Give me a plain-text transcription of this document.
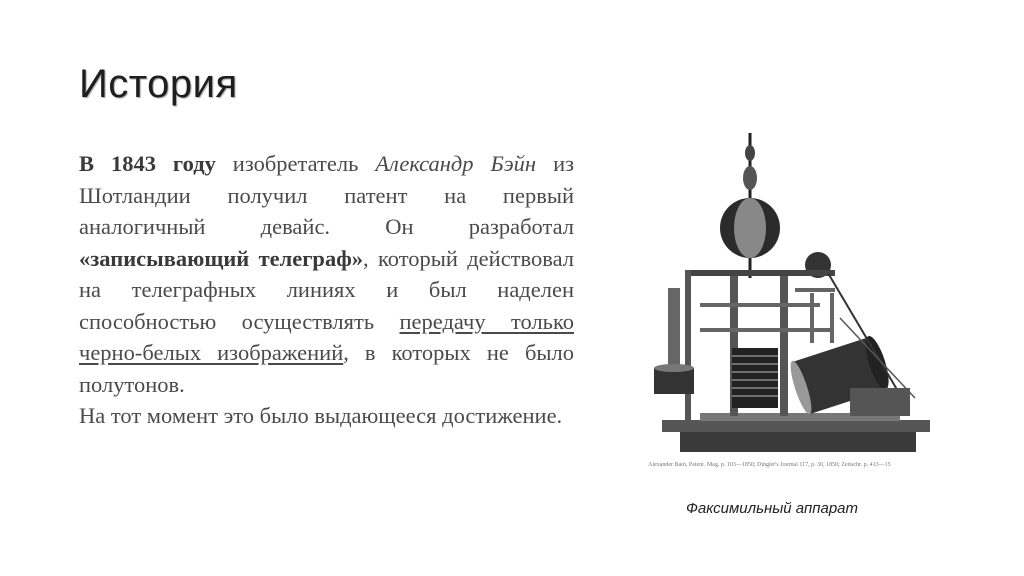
История

В 1843 году изобретатель Александр Бэйн из Шотландии получил патент на первый аналогичный девайс. Он разработал «записывающий телеграф», который действовал на телеграфных линиях и был наделен способностью осуществлять передачу только черно-белых изображений, в которых не было полутонов.

На тот момент это было выдающееся достижение.

Alexander Bain, Patent. Mag. p. 103—1850; Dingler's Journal 117, p. 30, 1850; Zeitschr. p. 413—15
Факсимильный аппарат
